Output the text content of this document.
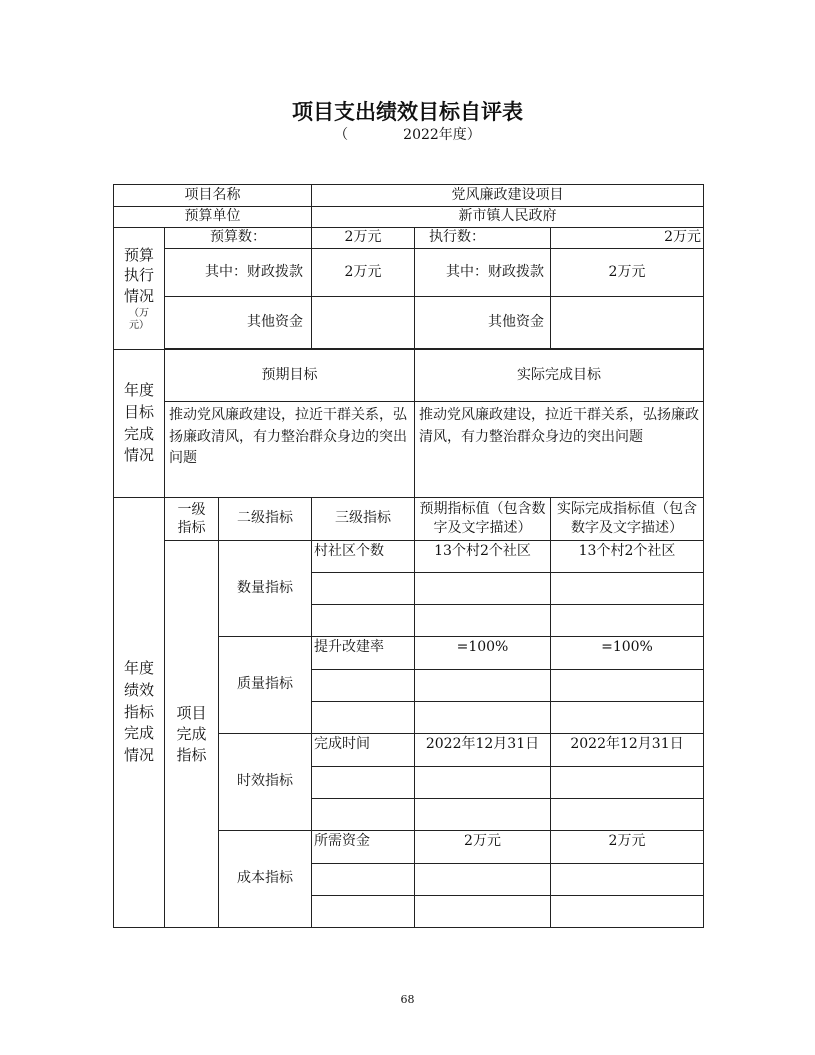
项目支出绩效目标自评表
（	2022年度）
项目名称			党风廉政建设项目		
预算单位			新市镇人民政府		

预算执行情况
（万元）	预算数：		2万元	执行数：	2万元
	其中：财政拨款		2万元	其中：财政拨款	2万元
	其他资金			其他资金	

年度目标完成情况	预期目标			实际完成目标	
	推动党风廉政建设，拉近干群关系，弘扬廉政清风，有力整治群众身边的突出问题			推动党风廉政建设，拉近干群关系，弘扬廉政清风，有力整治群众身边的突出问题	

年度绩效指标完成情况	一级指标	二级指标	三级指标	预期指标值（包含数字及文字描述）	实际完成指标值（包含数字及文字描述）

	项目完成指标	数量指标	村社区个数	13个村2个社区	13个村2个社区

		质量指标	提升改建率	=100%	=100%

		时效指标	完成时间	2022年12月31日	2022年12月31日

		成本指标	所需资金	2万元	2万元

68
